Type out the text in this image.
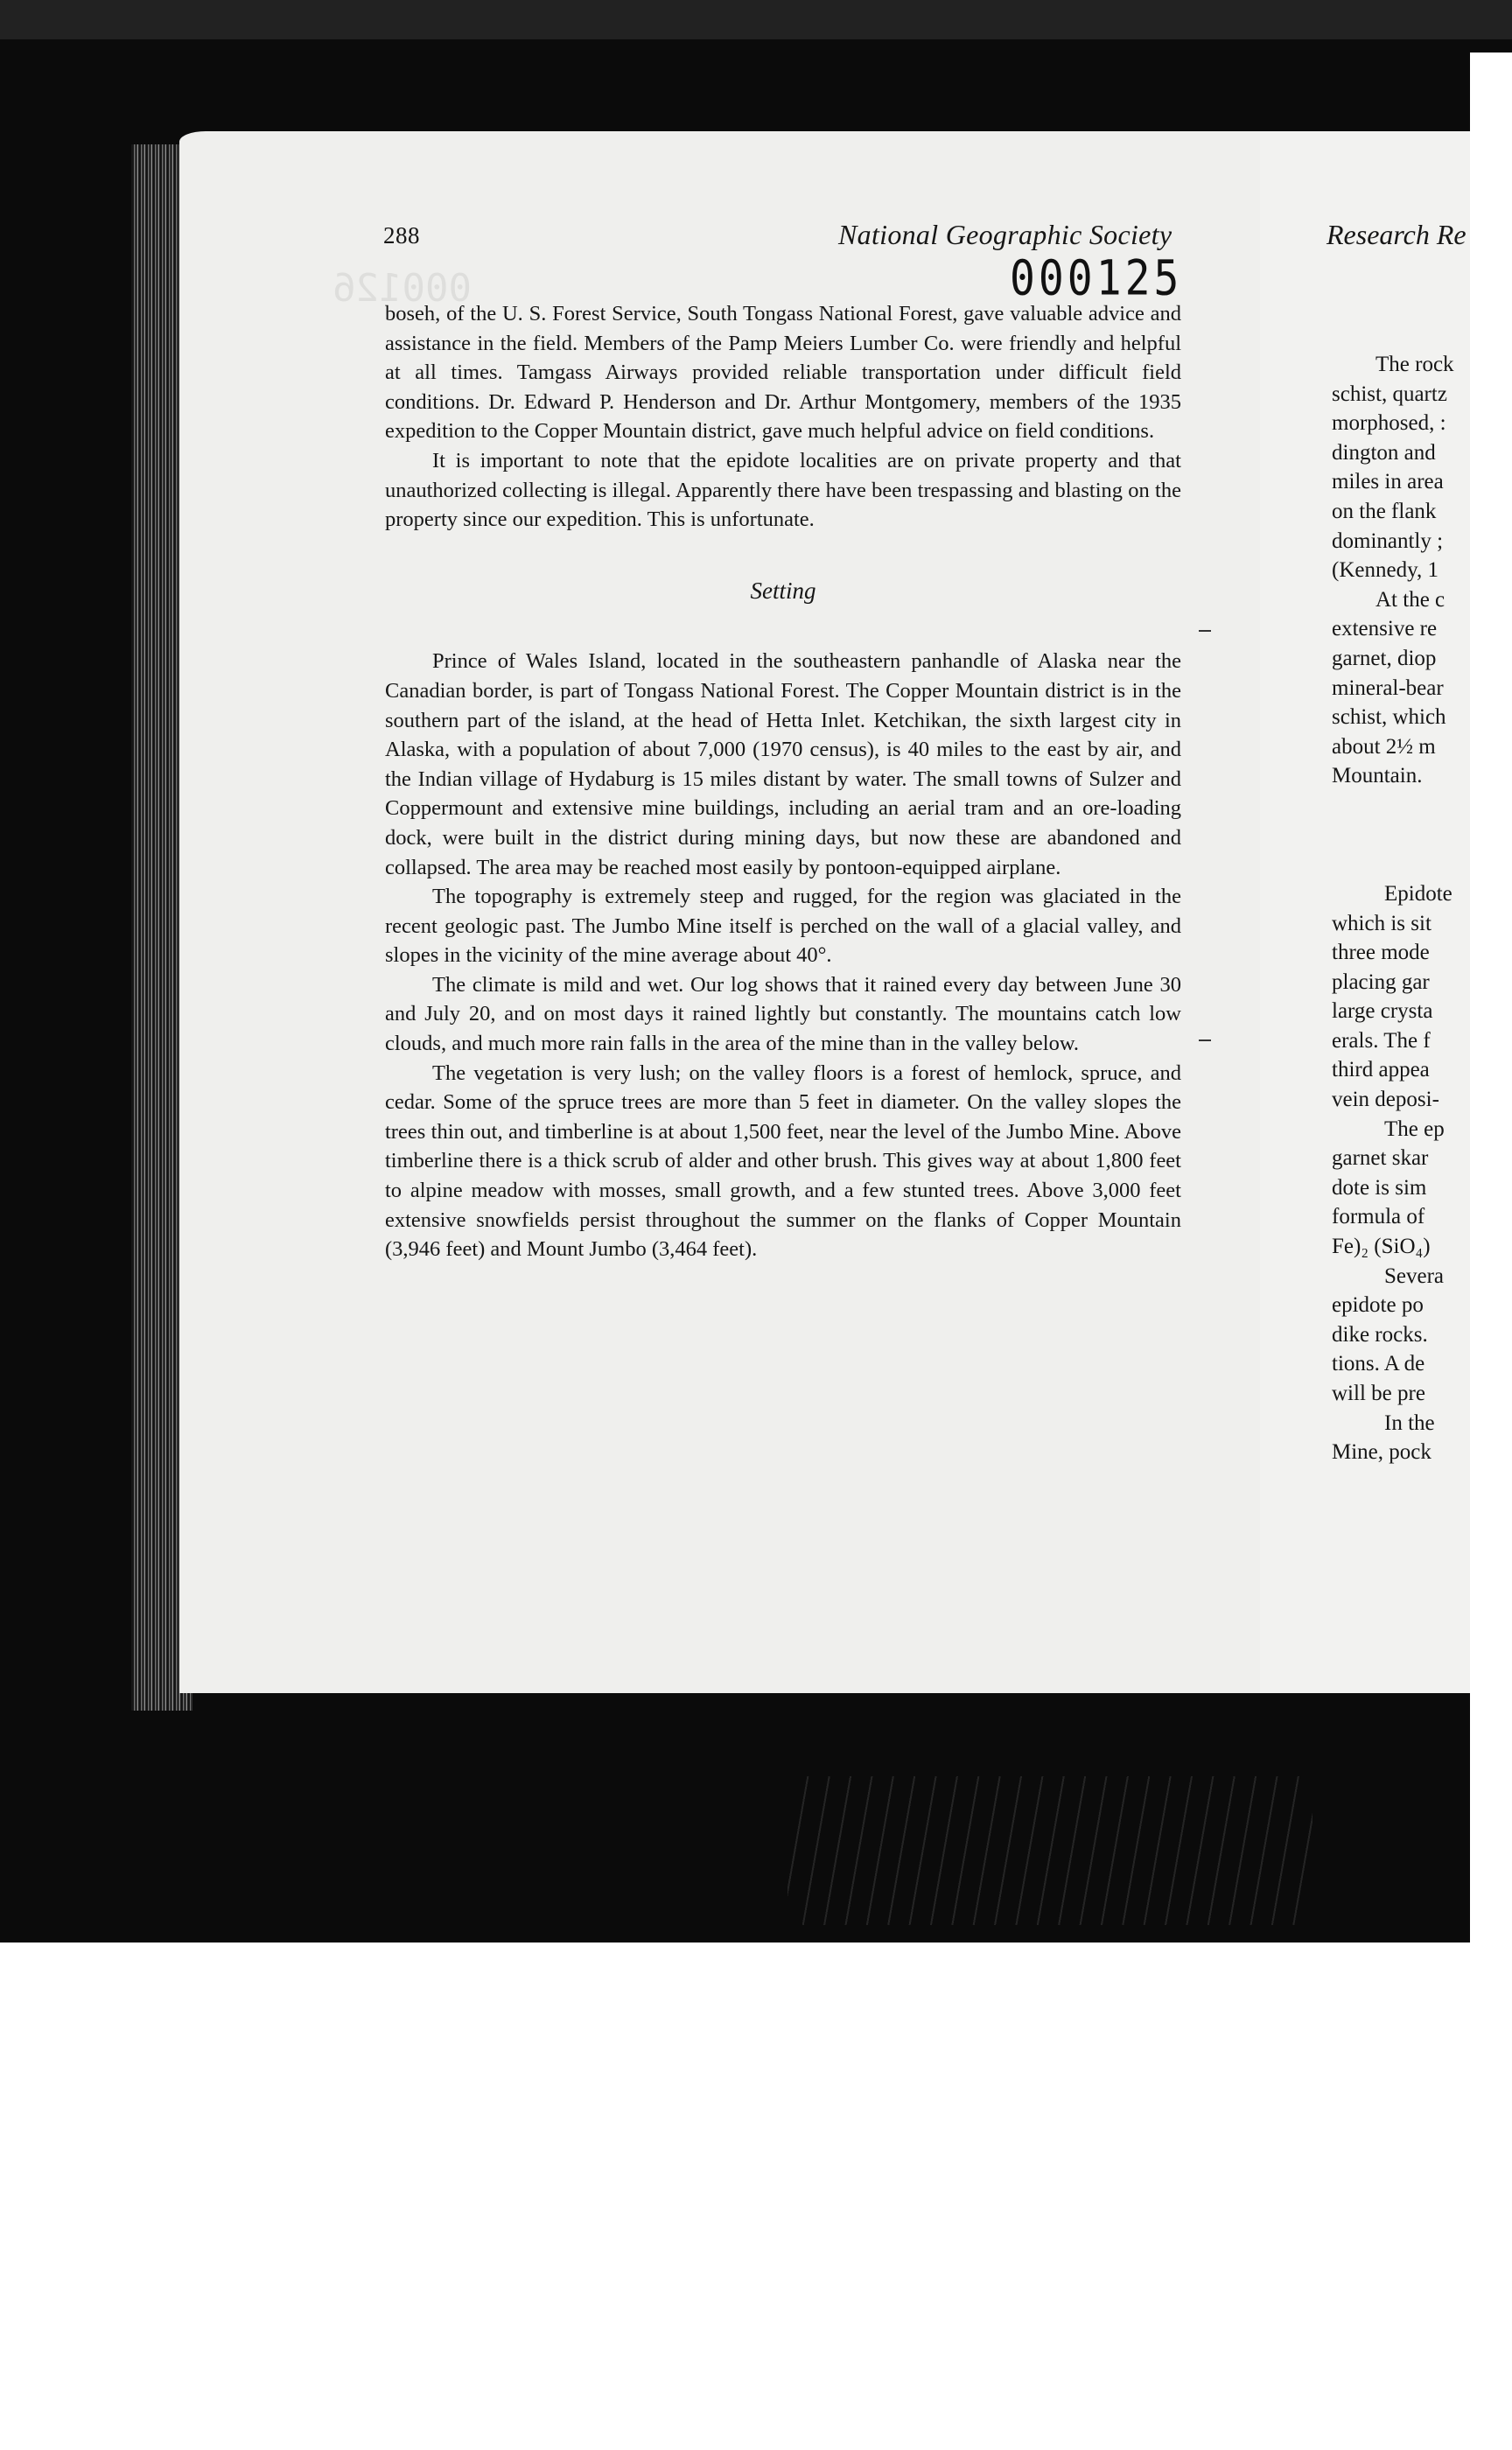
288	National Geographic Society	Research Re
000126	000125

boseh, of the U. S. Forest Service, South Tongass National Forest, gave valuable advice and assistance in the field. Members of the Pamp Meiers Lumber Co. were friendly and helpful at all times. Tamgass Airways provided reliable transportation under difficult field conditions. Dr. Edward P. Henderson and Dr. Arthur Montgomery, members of the 1935 expedition to the Copper Mountain district, gave much helpful advice on field conditions.

It is important to note that the epidote localities are on private property and that unauthorized collecting is illegal. Apparently there have been trespassing and blasting on the property since our expedition. This is unfortunate.

Setting

Prince of Wales Island, located in the southeastern panhandle of Alaska near the Canadian border, is part of Tongass National Forest. The Copper Mountain district is in the southern part of the island, at the head of Hetta Inlet. Ketchikan, the sixth largest city in Alaska, with a population of about 7,000 (1970 census), is 40 miles to the east by air, and the Indian village of Hydaburg is 15 miles distant by water. The small towns of Sulzer and Coppermount and extensive mine buildings, including an aerial tram and an ore-loading dock, were built in the district during mining days, but now these are abandoned and collapsed. The area may be reached most easily by pontoon-equipped airplane.

The topography is extremely steep and rugged, for the region was glaciated in the recent geologic past. The Jumbo Mine itself is perched on the wall of a glacial valley, and slopes in the vicinity of the mine average about 40°.

The climate is mild and wet. Our log shows that it rained every day between June 30 and July 20, and on most days it rained lightly but constantly. The mountains catch low clouds, and much more rain falls in the area of the mine than in the valley below.

The vegetation is very lush; on the valley floors is a forest of hemlock, spruce, and cedar. Some of the spruce trees are more than 5 feet in diameter. On the valley slopes the trees thin out, and timberline is at about 1,500 feet, near the level of the Jumbo Mine. Above timberline there is a thick scrub of alder and other brush. This gives way at about 1,800 feet to alpine meadow with mosses, small growth, and a few stunted trees. Above 3,000 feet extensive snowfields persist throughout the summer on the flanks of Copper Mountain (3,946 feet) and Mount Jumbo (3,464 feet).

The rock
schist, quartz
morphosed, :
dington and
miles in area
on the flank
dominantly ;
(Kennedy, 1
At the c
extensive re
garnet, diop
mineral-bear
schist, which
about 2½ m
Mountain.
Epidote
which is sit
three mode
placing gar
large crysta
erals. The f
third appea
vein deposi-
The ep
garnet skar
dote is sim
formula of
Fe)₂ (SiO₄)
Severa
epidote po
dike rocks.
tions. A de
will be pre
In the
Mine, pock
